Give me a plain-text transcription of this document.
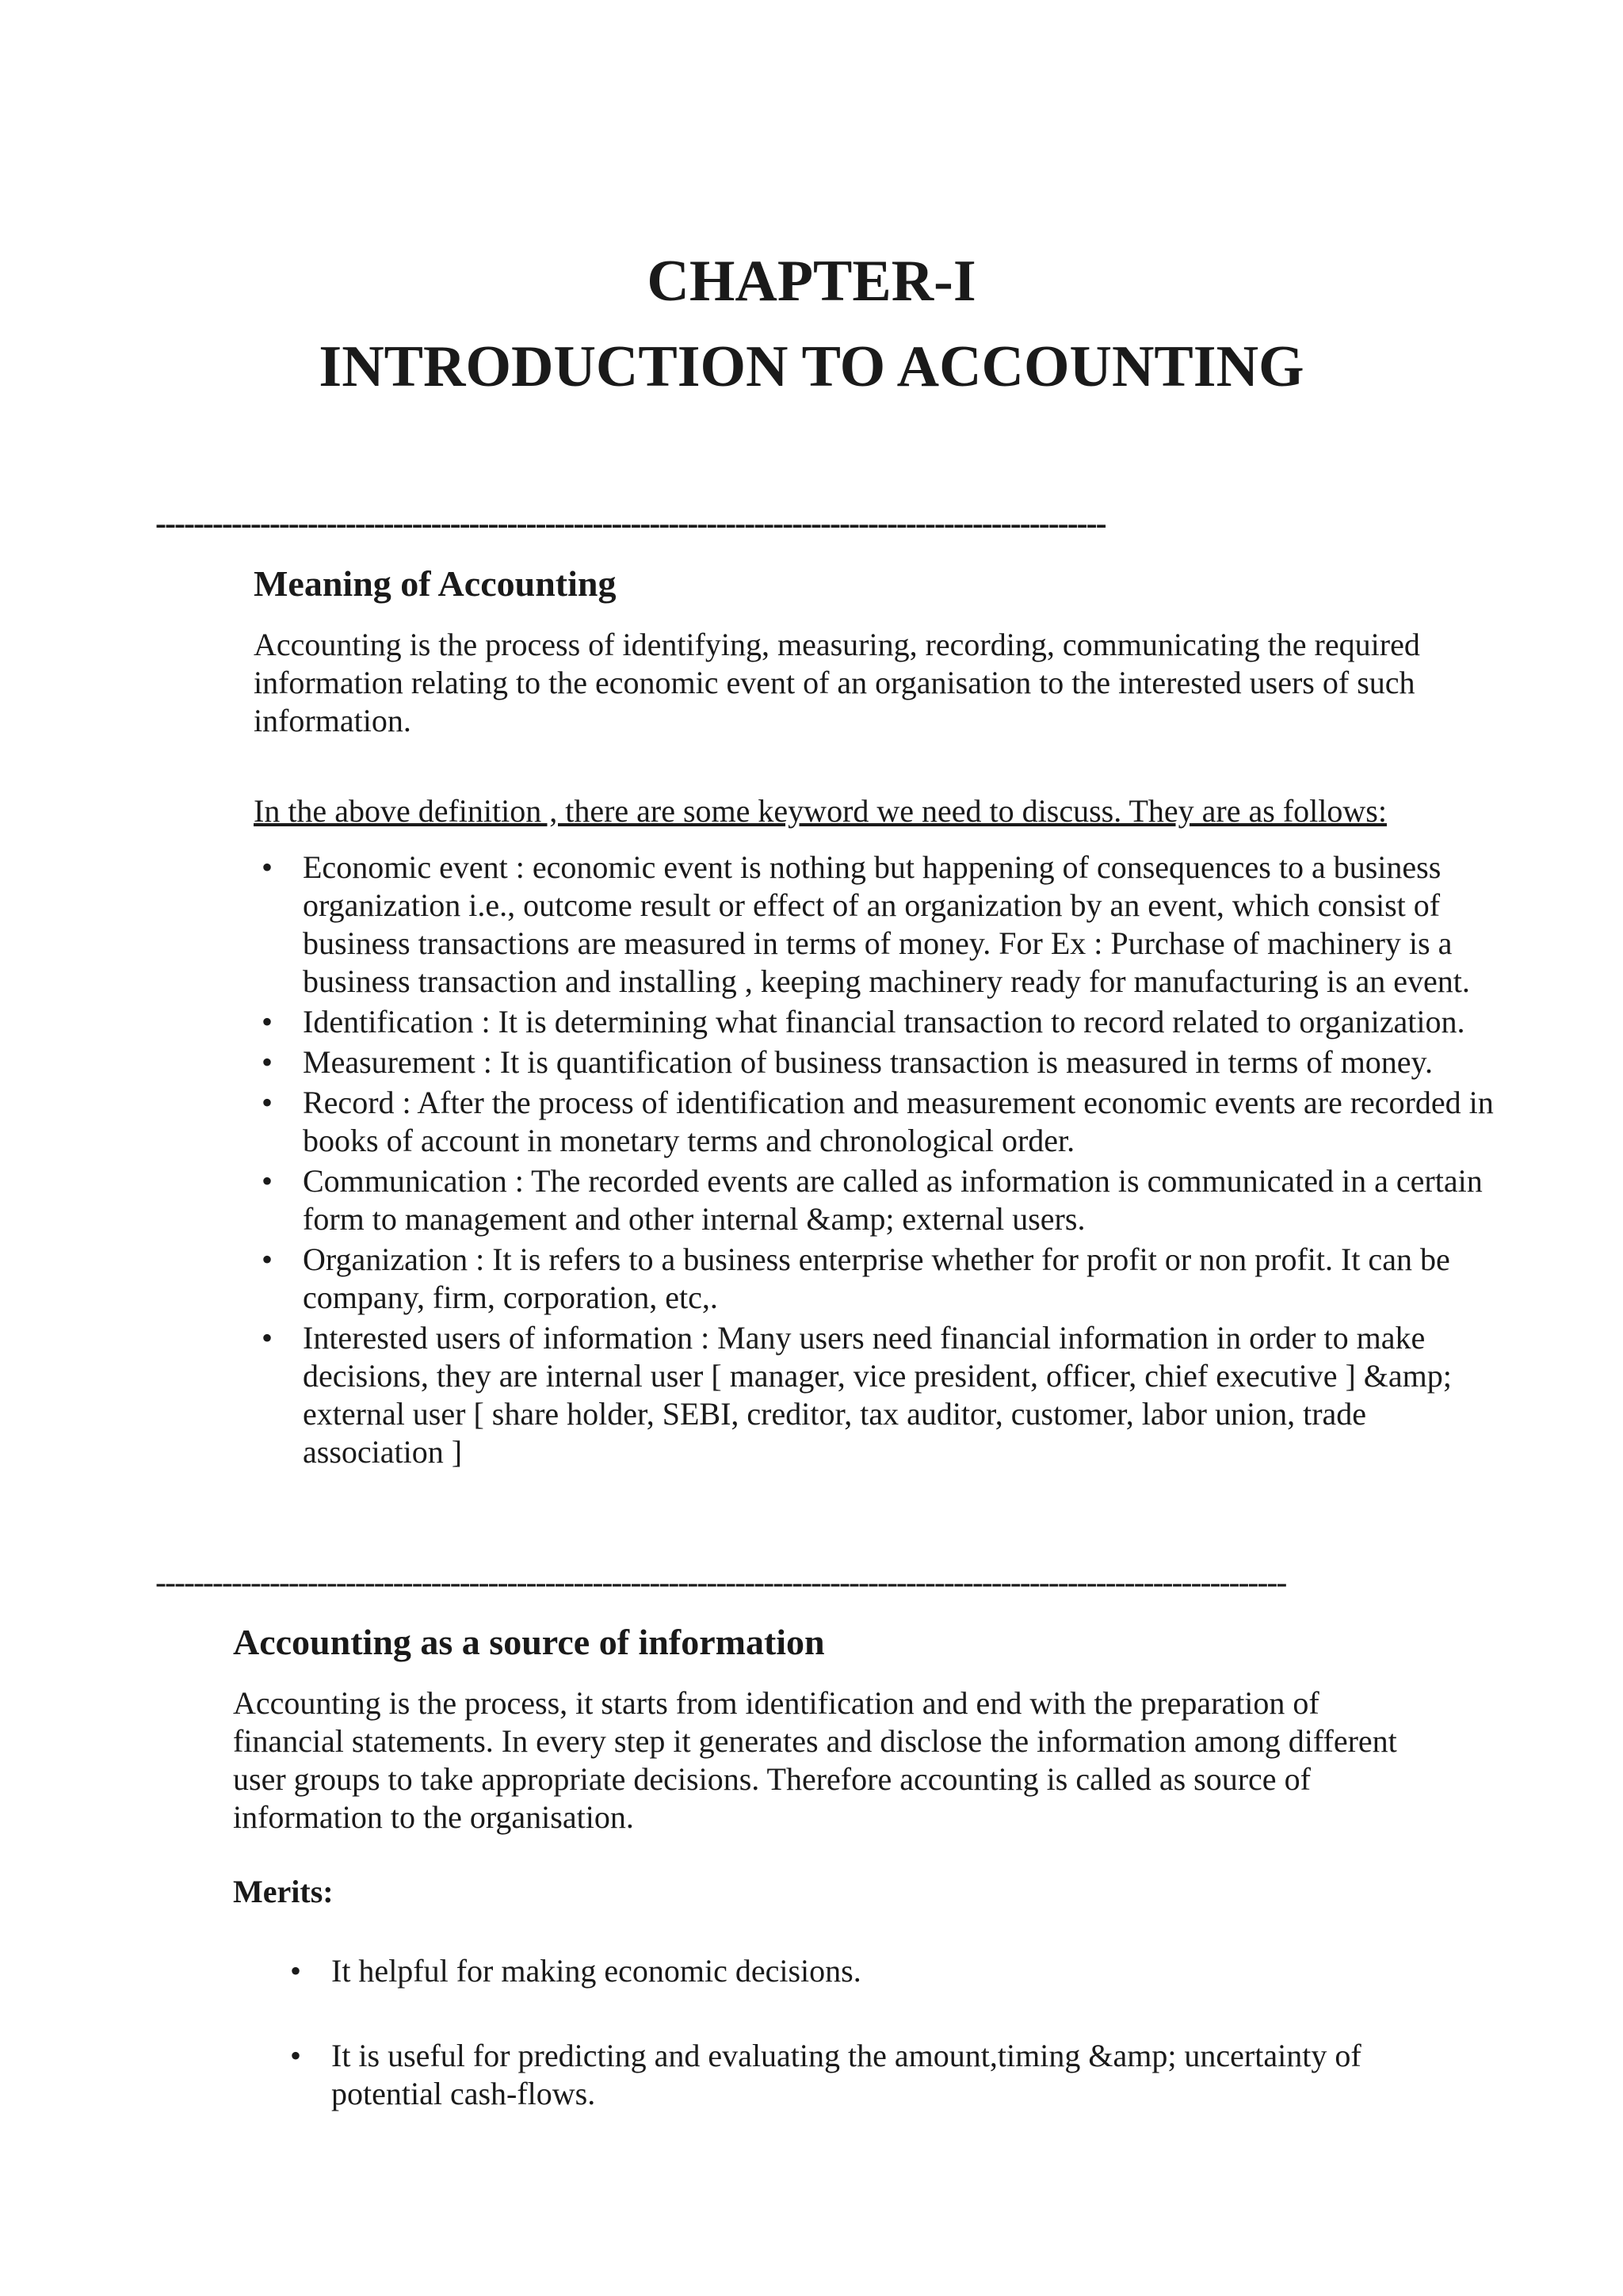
CHAPTER-I
INTRODUCTION TO ACCOUNTING
----------------------------------------------------------------------------------------------------
Meaning of Accounting

Accounting is the process of identifying, measuring, recording, communicating the required information relating to the economic event of an organisation to the interested users of such information.

In the above definition , there are some keyword we need to discuss. They are as follows:

• Economic event : economic event is nothing but happening of consequences to a business organization i.e., outcome result or effect of an organization by an event, which consist of business transactions are measured in terms of money. For Ex : Purchase of machinery is a business transaction and installing , keeping machinery ready for manufacturing is an event.
• Identification : It is determining what financial transaction to record related to organization.
• Measurement : It is quantification of business transaction is measured in terms of money.
• Record : After the process of identification and measurement economic events are recorded in books of account in monetary terms and chronological order.
• Communication : The recorded events are called as information is communicated in a certain form to management and other internal &amp; external users.
• Organization : It is refers to a business enterprise whether for profit or non profit. It can be company, firm, corporation, etc,.
• Interested users of information : Many users need financial information in order to make decisions, they are internal user [ manager, vice president, officer, chief executive ] &amp; external user [ share holder, SEBI, creditor, tax auditor, customer, labor union, trade association ]
-----------------------------------------------------------------------------------------------------------------------
Accounting as a source of information

Accounting is the process, it starts from identification and end with the preparation of financial statements. In every step it generates and disclose the information among different user groups to take appropriate decisions. Therefore accounting is called as source of information to the organisation.

Merits:

• It helpful for making economic decisions.
• It is useful for predicting and evaluating the amount,timing &amp; uncertainty of potential cash-flows.
